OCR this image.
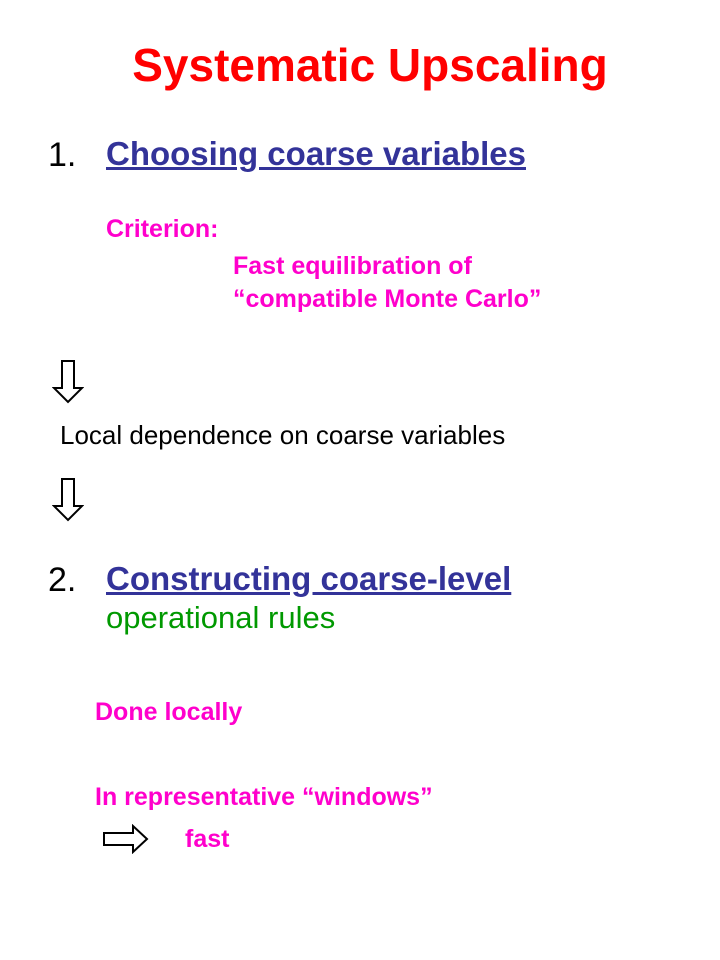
Systematic Upscaling
1. Choosing coarse variables
Criterion:
Fast equilibration of
“compatible Monte Carlo”
Local dependence on coarse variables
2. Constructing coarse-level
operational rules
Done locally
In representative “windows”
fast
